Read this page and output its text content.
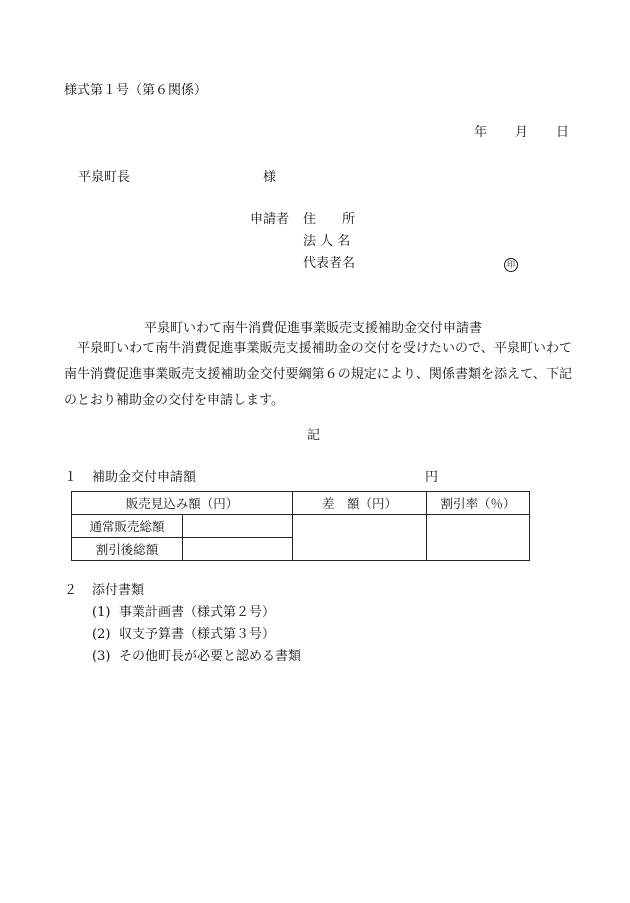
様式第１号（第６関係）
年 月 日
平泉町長	様
申請者 住　　所
法 人 名
代表者名	印
平泉町いわて南牛消費促進事業販売支援補助金交付申請書
　平泉町いわて南牛消費促進事業販売支援補助金の交付を受けたいので、平泉町いわて南牛消費促進事業販売支援補助金交付要綱第６の規定により、関係書類を添えて、下記のとおり補助金の交付を申請します。
記
１ 補助金交付申請額	円
販売見込み額（円）		差　額（円）	割引率（％）
通常販売総額			
割引後総額			
２ 添付書類
(1) 事業計画書（様式第２号）
(2) 収支予算書（様式第３号）
(3) その他町長が必要と認める書類
